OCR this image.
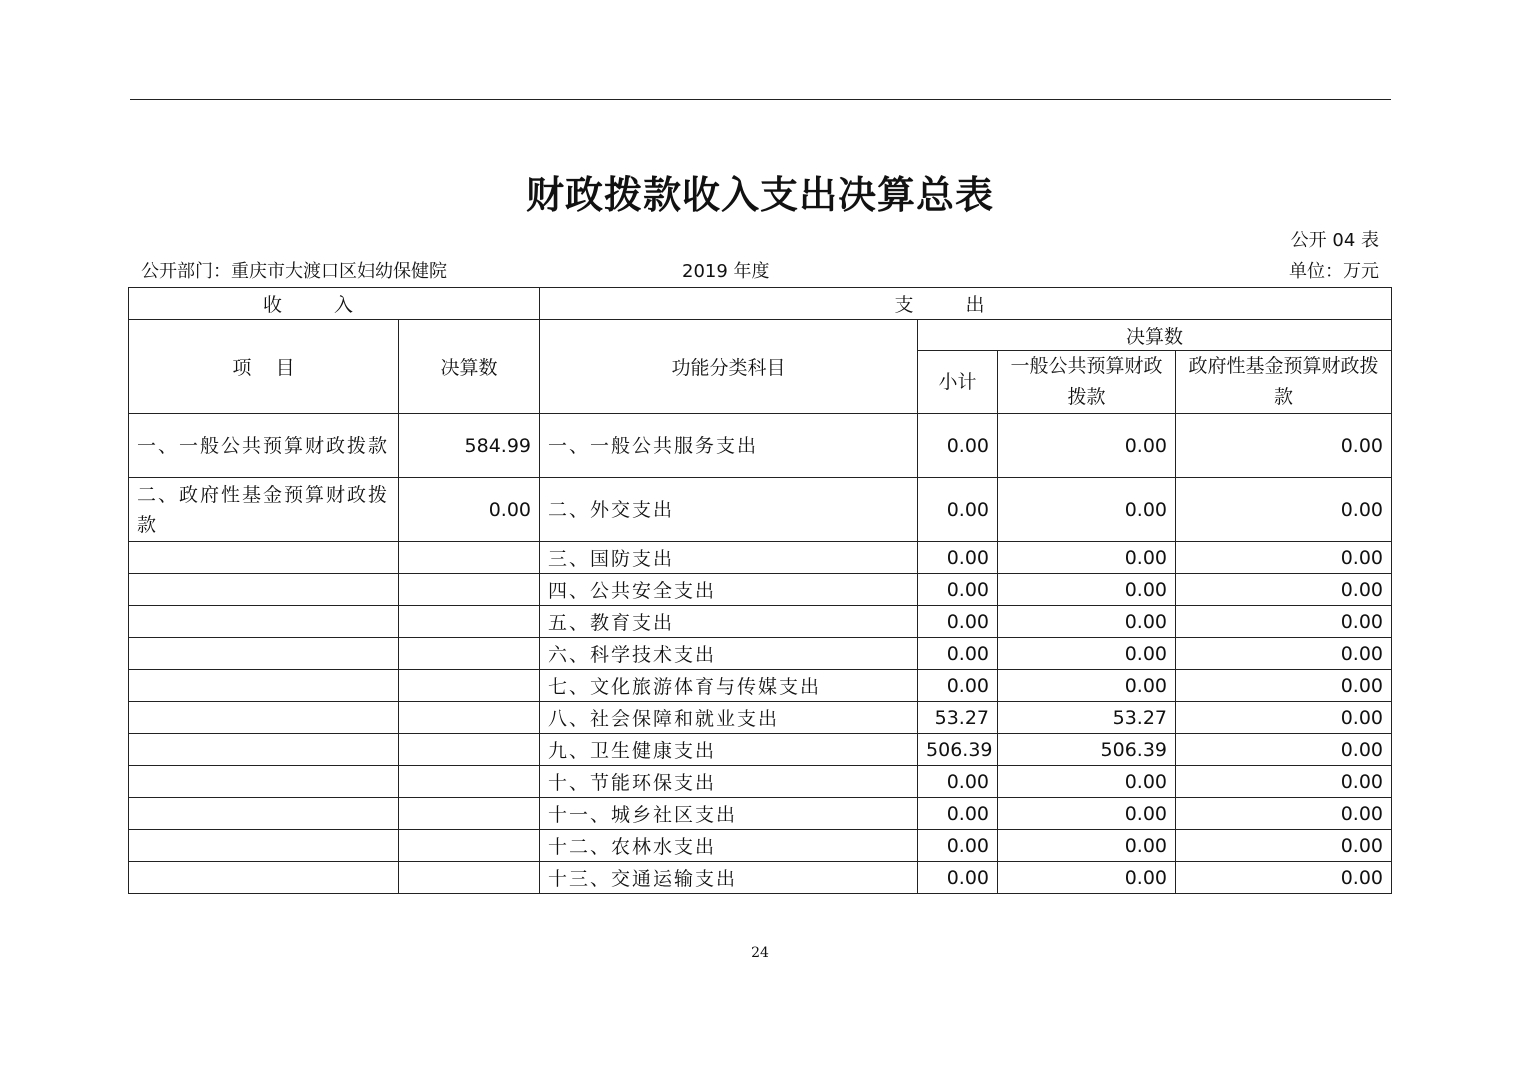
财政拨款收入支出决算总表
公开 04 表
公开部门：重庆市大渡口区妇幼保健院	2019 年度	单位：万元
收入		支出			
项    目	决算数	功能分类科目	决算数		
			小计	一般公共预算财政拨款	政府性基金预算财政拨款
一、一般公共预算财政拨款	584.99	一、一般公共服务支出	0.00	0.00	0.00
二、政府性基金预算财政拨款	0.00	二、外交支出	0.00	0.00	0.00
		三、国防支出	0.00	0.00	0.00
		四、公共安全支出	0.00	0.00	0.00
		五、教育支出	0.00	0.00	0.00
		六、科学技术支出	0.00	0.00	0.00
		七、文化旅游体育与传媒支出	0.00	0.00	0.00
		八、社会保障和就业支出	53.27	53.27	0.00
		九、卫生健康支出	506.39	506.39	0.00
		十、节能环保支出	0.00	0.00	0.00
		十一、城乡社区支出	0.00	0.00	0.00
		十二、农林水支出	0.00	0.00	0.00
		十三、交通运输支出	0.00	0.00	0.00
24
